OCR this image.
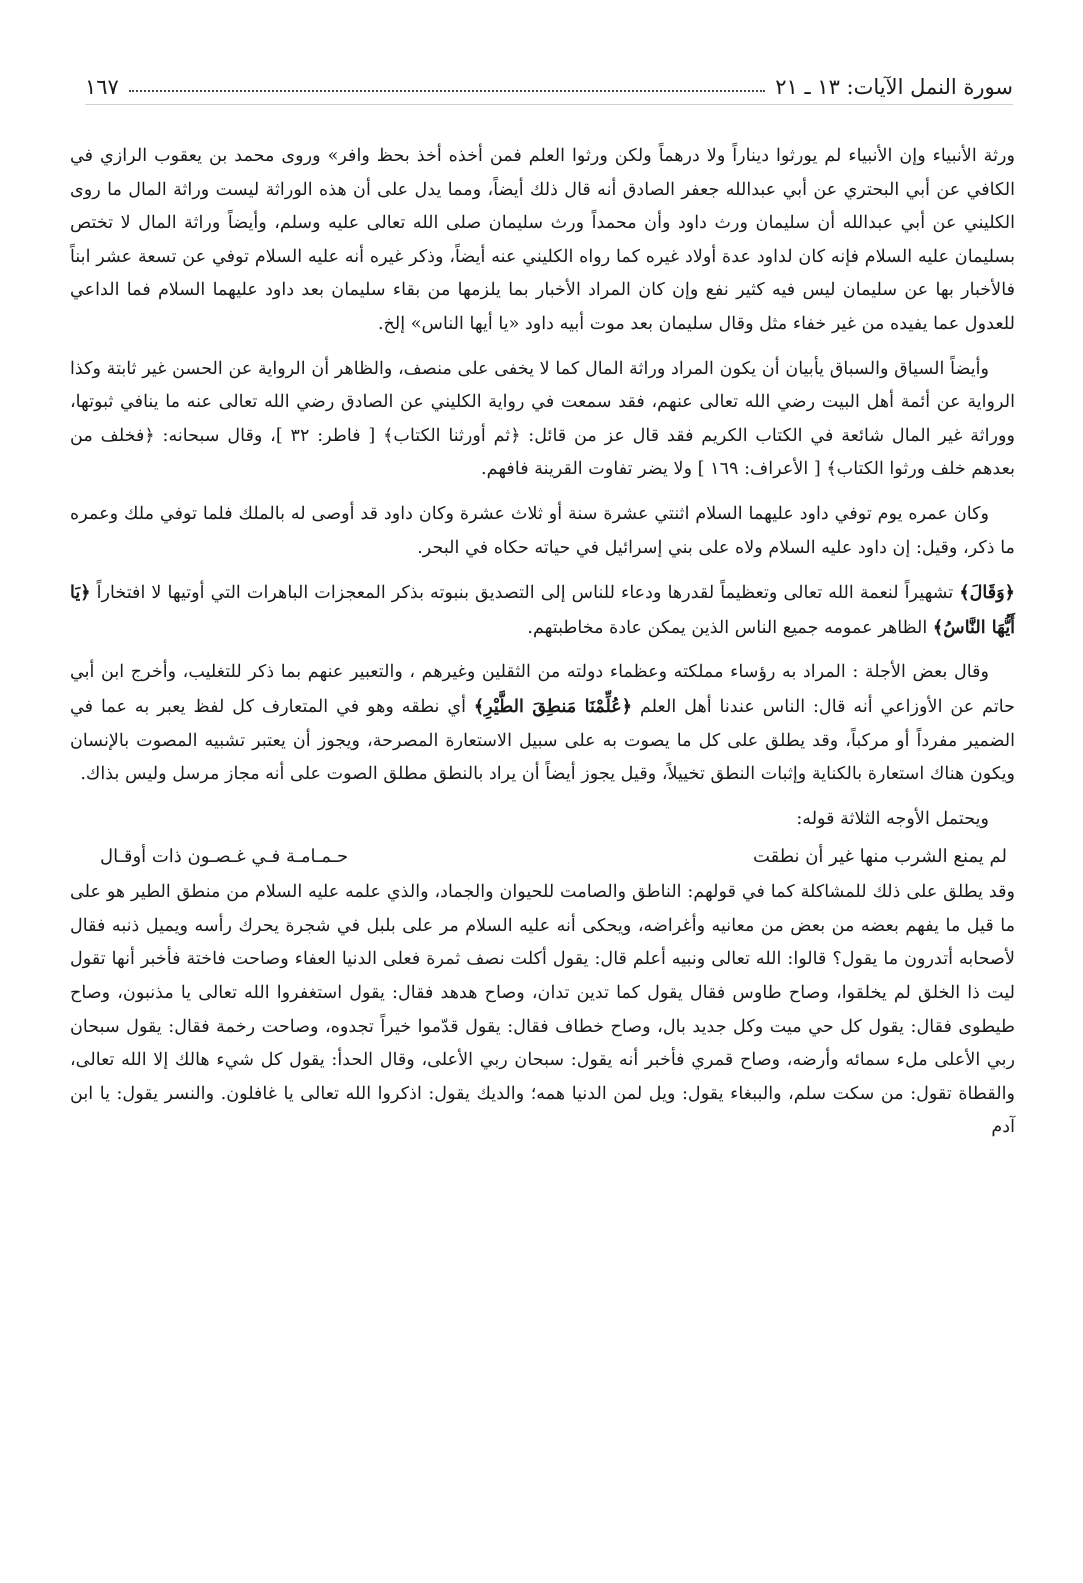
سورة النمل الآيات: ١٣ ـ ٢١
١٦٧

ورثة الأنبياء وإن الأنبياء لم يورثوا ديناراً ولا درهماً ولكن ورثوا العلم فمن أخذه أخذ بحظ وافر» وروى محمد بن يعقوب الرازي في الكافي عن أبي البحتري عن أبي عبدالله جعفر الصادق أنه قال ذلك أيضاً، ومما يدل على أن هذه الوراثة ليست وراثة المال ما روى الكليني عن أبي عبدالله أن سليمان ورث داود وأن محمداً ورث سليمان صلى الله تعالى عليه وسلم، وأيضاً وراثة المال لا تختص بسليمان عليه السلام فإنه كان لداود عدة أولاد غيره كما رواه الكليني عنه أيضاً، وذكر غيره أنه عليه السلام توفي عن تسعة عشر ابناً فالأخبار بها عن سليمان ليس فيه كثير نفع وإن كان المراد الأخبار بما يلزمها من بقاء سليمان بعد داود عليهما السلام فما الداعي للعدول عما يفيده من غير خفاء مثل وقال سليمان بعد موت أبيه داود «يا أيها الناس» إلخ.

وأيضاً السياق والسباق يأبيان أن يكون المراد وراثة المال كما لا يخفى على منصف، والظاهر أن الرواية عن الحسن غير ثابتة وكذا الرواية عن أئمة أهل البيت رضي الله تعالى عنهم، فقد سمعت في رواية الكليني عن الصادق رضي الله تعالى عنه ما ينافي ثبوتها، ووراثة غير المال شائعة في الكتاب الكريم فقد قال عز من قائل: ﴿ثم أورثنا الكتاب﴾ [ فاطر: ٣٢ ]، وقال سبحانه: ﴿فخلف من بعدهم خلف ورثوا الكتاب﴾ [ الأعراف: ١٦٩ ] ولا يضر تفاوت القرينة فافهم.

وكان عمره يوم توفي داود عليهما السلام اثنتي عشرة سنة أو ثلاث عشرة وكان داود قد أوصى له بالملك فلما توفي ملك وعمره ما ذكر، وقيل: إن داود عليه السلام ولاه على بني إسرائيل في حياته حكاه في البحر.

﴿وَقَالَ﴾ تشهيراً لنعمة الله تعالى وتعظيماً لقدرها ودعاء للناس إلى التصديق بنبوته بذكر المعجزات الباهرات التي أوتيها لا افتخاراً ﴿يَا أَيُّهَا النَّاسُ﴾ الظاهر عمومه جميع الناس الذين يمكن عادة مخاطبتهم.

وقال بعض الأجلة : المراد به رؤساء مملكته وعظماء دولته من الثقلين وغيرهم ، والتعبير عنهم بما ذكر للتغليب، وأخرج ابن أبي حاتم عن الأوزاعي أنه قال: الناس عندنا أهل العلم ﴿عُلِّمْنَا مَنطِقَ الطَّيْرِ﴾ أي نطقه وهو في المتعارف كل لفظ يعبر به عما في الضمير مفرداً أو مركباً، وقد يطلق على كل ما يصوت به على سبيل الاستعارة المصرحة، ويجوز أن يعتبر تشبيه المصوت بالإنسان ويكون هناك استعارة بالكناية وإثبات النطق تخييلاً، وقيل يجوز أيضاً أن يراد بالنطق مطلق الصوت على أنه مجاز مرسل وليس بذاك.

ويحتمل الأوجه الثلاثة قوله:

لم يمنع الشرب منها غير أن نطقت
حـمـامـة فـي غـصـون ذات أوقـال

وقد يطلق على ذلك للمشاكلة كما في قولهم: الناطق والصامت للحيوان والجماد، والذي علمه عليه السلام من منطق الطير هو على ما قيل ما يفهم بعضه من بعض من معانيه وأغراضه، ويحكى أنه عليه السلام مر على بلبل في شجرة يحرك رأسه ويميل ذنبه فقال لأصحابه أتدرون ما يقول؟ قالوا: الله تعالى ونبيه أعلم قال: يقول أكلت نصف ثمرة فعلى الدنيا العفاء وصاحت فاختة فأخبر أنها تقول ليت ذا الخلق لم يخلقوا، وصاح طاوس فقال يقول كما تدين تدان، وصاح هدهد فقال: يقول استغفروا الله تعالى يا مذنبون، وصاح طيطوى فقال: يقول كل حي ميت وكل جديد بال، وصاح خطاف فقال: يقول قدّموا خيراً تجدوه، وصاحت رخمة فقال: يقول سبحان ربي الأعلى ملء سمائه وأرضه، وصاح قمري فأخبر أنه يقول: سبحان ربي الأعلى، وقال الحدأ: يقول كل شيء هالك إلا الله تعالى، والقطاة تقول: من سكت سلم، والببغاء يقول: ويل لمن الدنيا همه؛ والديك يقول: اذكروا الله تعالى يا غافلون. والنسر يقول: يا ابن آدم
